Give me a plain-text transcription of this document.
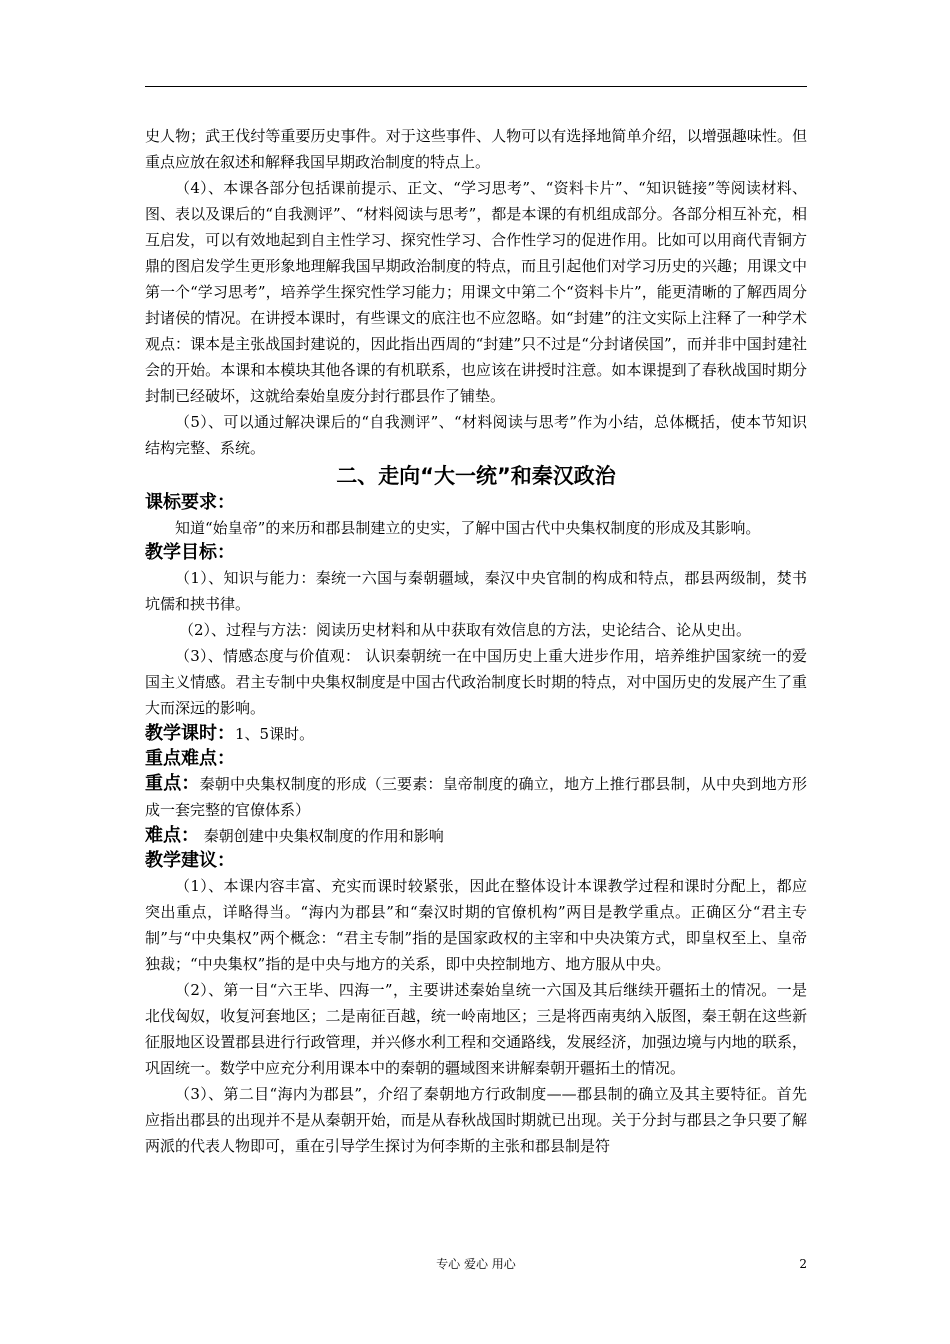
史人物；武王伐纣等重要历史事件。对于这些事件、人物可以有选择地简单介绍，以增强趣味性。但重点应放在叙述和解释我国早期政治制度的特点上。

（4）、本课各部分包括课前提示、正文、“学习思考”、“资料卡片”、“知识链接”等阅读材料、图、表以及课后的“自我测评”、“材料阅读与思考”，都是本课的有机组成部分。各部分相互补充，相互启发，可以有效地起到自主性学习、探究性学习、合作性学习的促进作用。比如可以用商代青铜方鼎的图启发学生更形象地理解我国早期政治制度的特点，而且引起他们对学习历史的兴趣；用课文中第一个“学习思考”，培养学生探究性学习能力；用课文中第二个“资料卡片”，能更清晰的了解西周分封诸侯的情况。在讲授本课时，有些课文的底注也不应忽略。如“封建”的注文实际上注释了一种学术观点：课本是主张战国封建说的，因此指出西周的“封建”只不过是“分封诸侯国”，而并非中国封建社会的开始。本课和本模块其他各课的有机联系，也应该在讲授时注意。如本课提到了春秋战国时期分封制已经破坏，这就给秦始皇废分封行郡县作了铺垫。

（5）、可以通过解决课后的“自我测评”、“材料阅读与思考”作为小结，总体概括，使本节知识结构完整、系统。

二、走向“大一统”和秦汉政治
课标要求：

知道“始皇帝”的来历和郡县制建立的史实，了解中国古代中央集权制度的形成及其影响。

教学目标：

（1）、知识与能力：秦统一六国与秦朝疆域，秦汉中央官制的构成和特点，郡县两级制，焚书坑儒和挟书律。

（2）、过程与方法：阅读历史材料和从中获取有效信息的方法，史论结合、论从史出。

（3）、情感态度与价值观： 认识秦朝统一在中国历史上重大进步作用，培养维护国家统一的爱国主义情感。君主专制中央集权制度是中国古代政治制度长时期的特点，对中国历史的发展产生了重大而深远的影响。

教学课时：1、5课时。
重点难点：

重点：秦朝中央集权制度的形成（三要素：皇帝制度的确立，地方上推行郡县制，从中央到地方形成一套完整的官僚体系）

难点： 秦朝创建中央集权制度的作用和影响
教学建议：

（1）、本课内容丰富、充实而课时较紧张，因此在整体设计本课教学过程和课时分配上，都应突出重点，详略得当。“海内为郡县”和“秦汉时期的官僚机构”两目是教学重点。正确区分“君主专制”与“中央集权”两个概念：“君主专制”指的是国家政权的主宰和中央决策方式，即皇权至上、皇帝独裁；“中央集权”指的是中央与地方的关系，即中央控制地方、地方服从中央。

（2）、第一目“六王毕、四海一”，主要讲述秦始皇统一六国及其后继续开疆拓土的情况。一是北伐匈奴，收复河套地区；二是南征百越，统一岭南地区；三是将西南夷纳入版图，秦王朝在这些新征服地区设置郡县进行行政管理，并兴修水利工程和交通路线，发展经济，加强边境与内地的联系，巩固统一。数学中应充分利用课本中的秦朝的疆域图来讲解秦朝开疆拓土的情况。

（3）、第二目“海内为郡县”，介绍了秦朝地方行政制度——郡县制的确立及其主要特征。首先应指出郡县的出现并不是从秦朝开始，而是从春秋战国时期就已出现。关于分封与郡县之争只要了解两派的代表人物即可，重在引导学生探讨为何李斯的主张和郡县制是符

专心 爱心 用心	2
